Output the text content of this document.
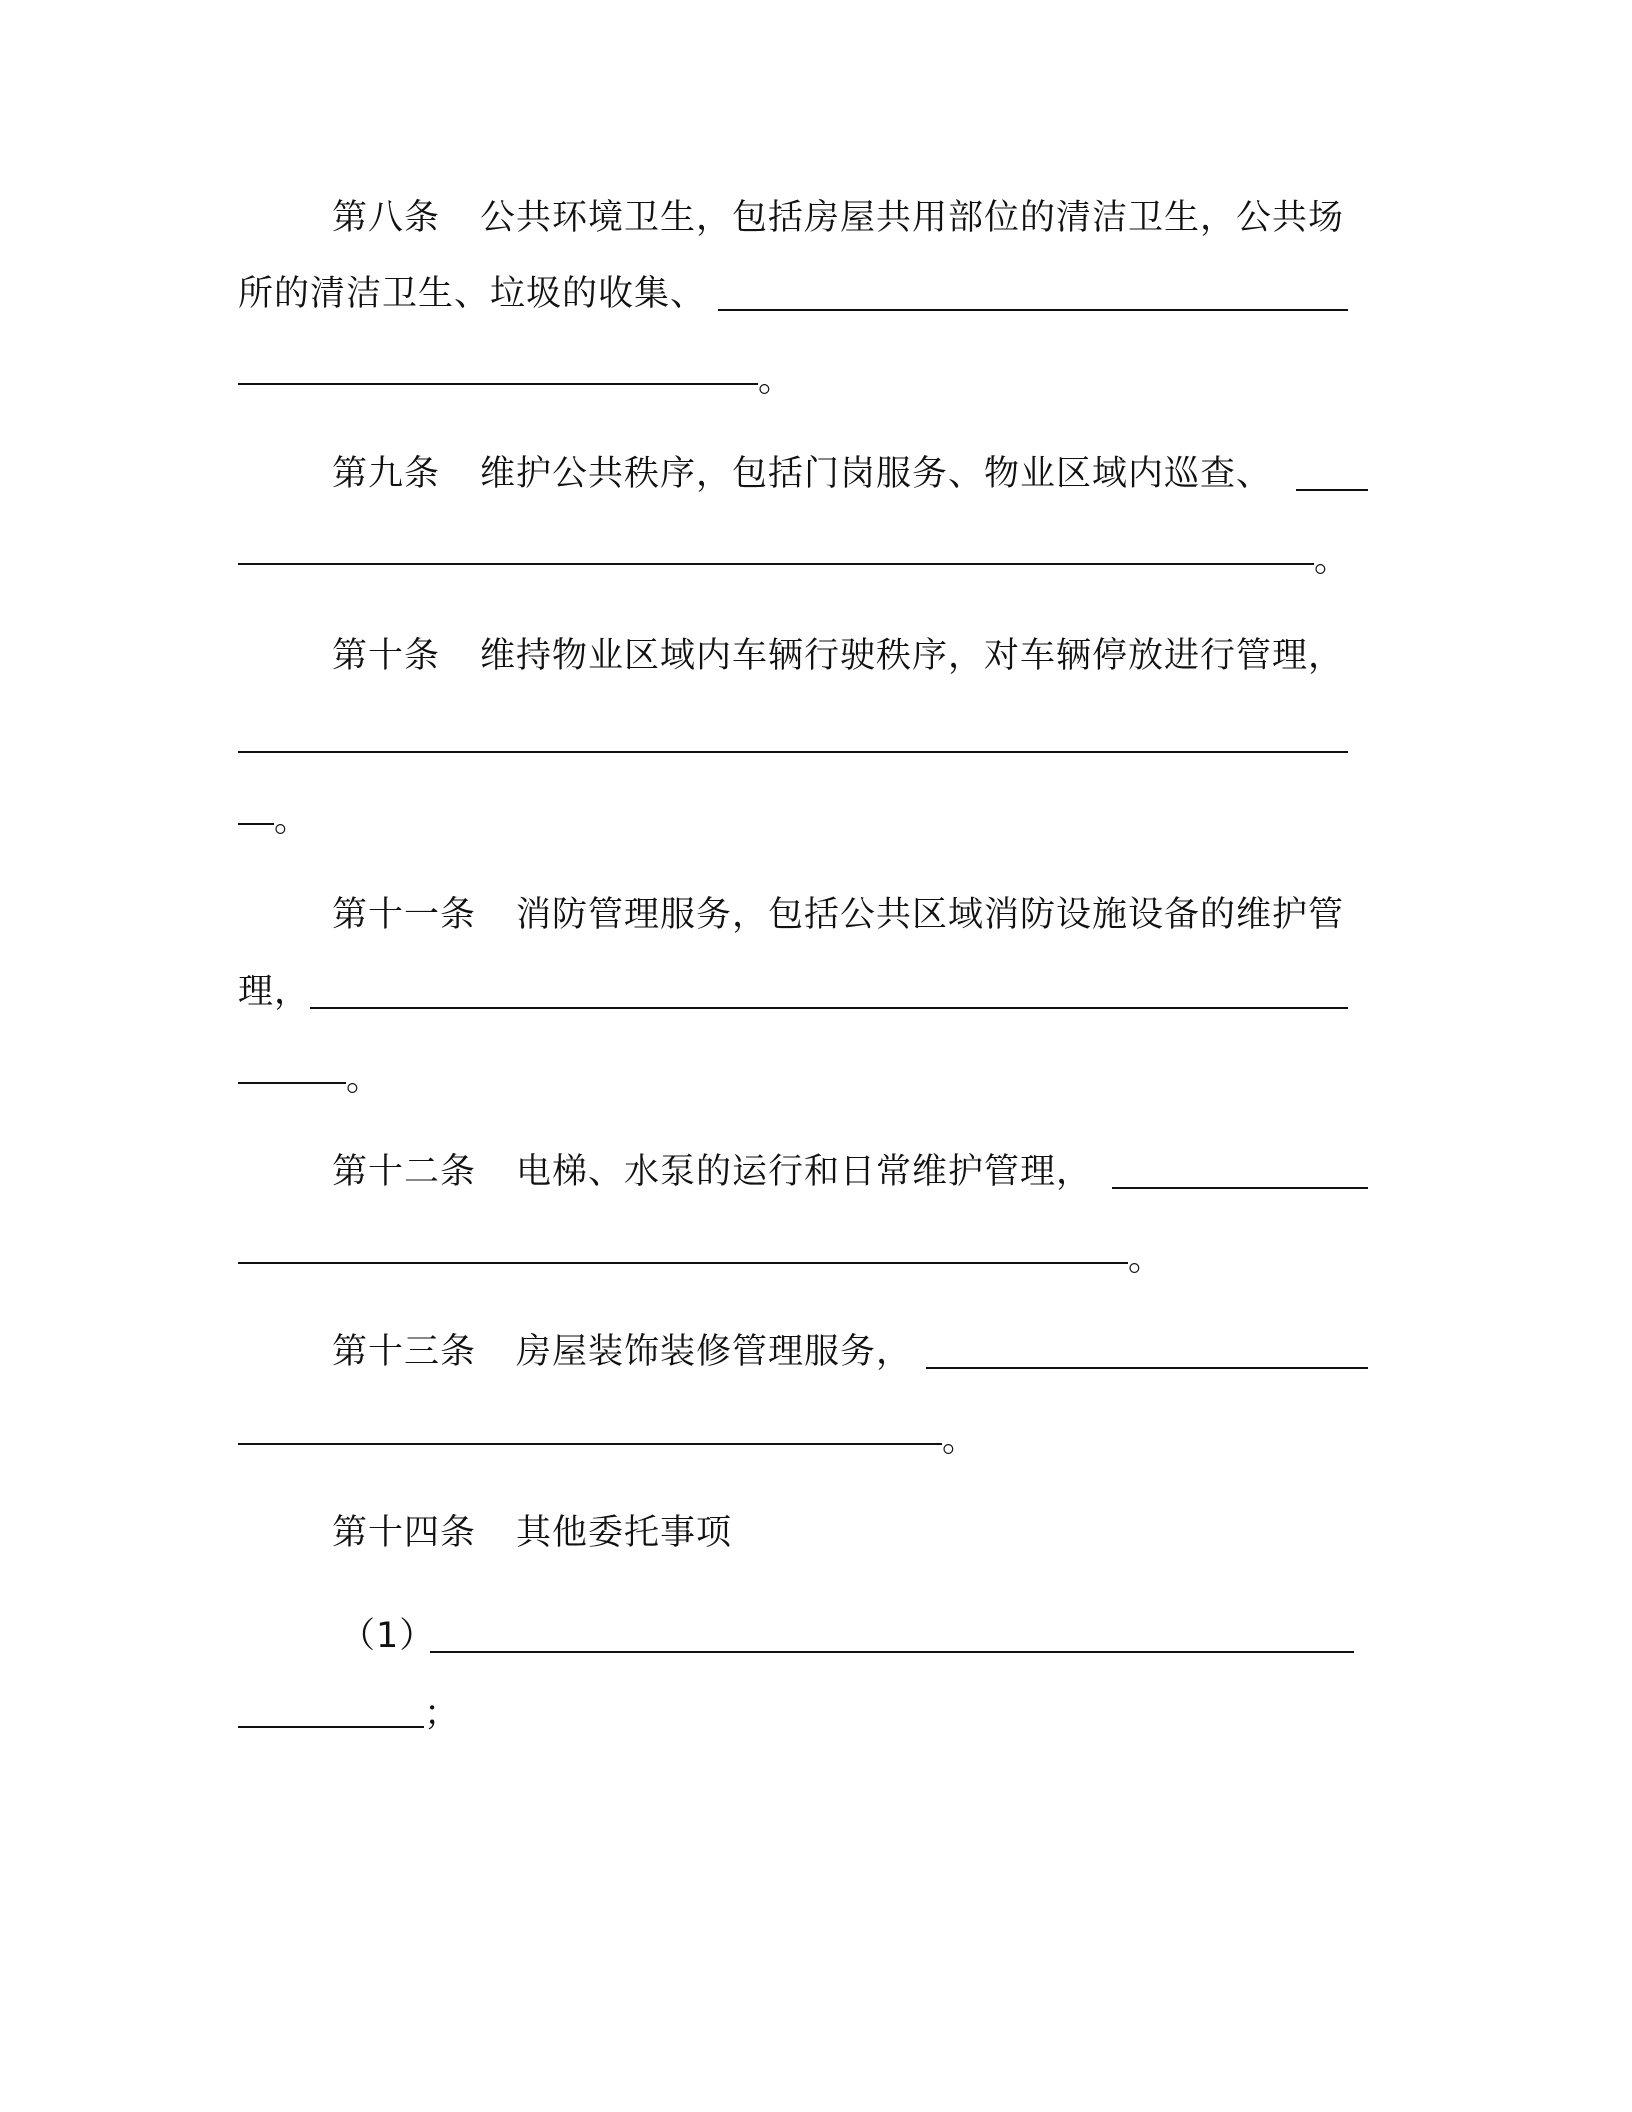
第八条 公共环境卫生，包括房屋共用部位的清洁卫生，公共场
所的清洁卫生、垃圾的收集、
。
第九条 维护公共秩序，包括门岗服务、物业区域内巡查、
。
第十条 维持物业区域内车辆行驶秩序，对车辆停放进行管理，
。
第十一条 消防管理服务，包括公共区域消防设施设备的维护管
理，
。
第十二条 电梯、水泵的运行和日常维护管理，
。
第十三条 房屋装饰装修管理服务，
。
第十四条 其他委托事项
（1）
；
